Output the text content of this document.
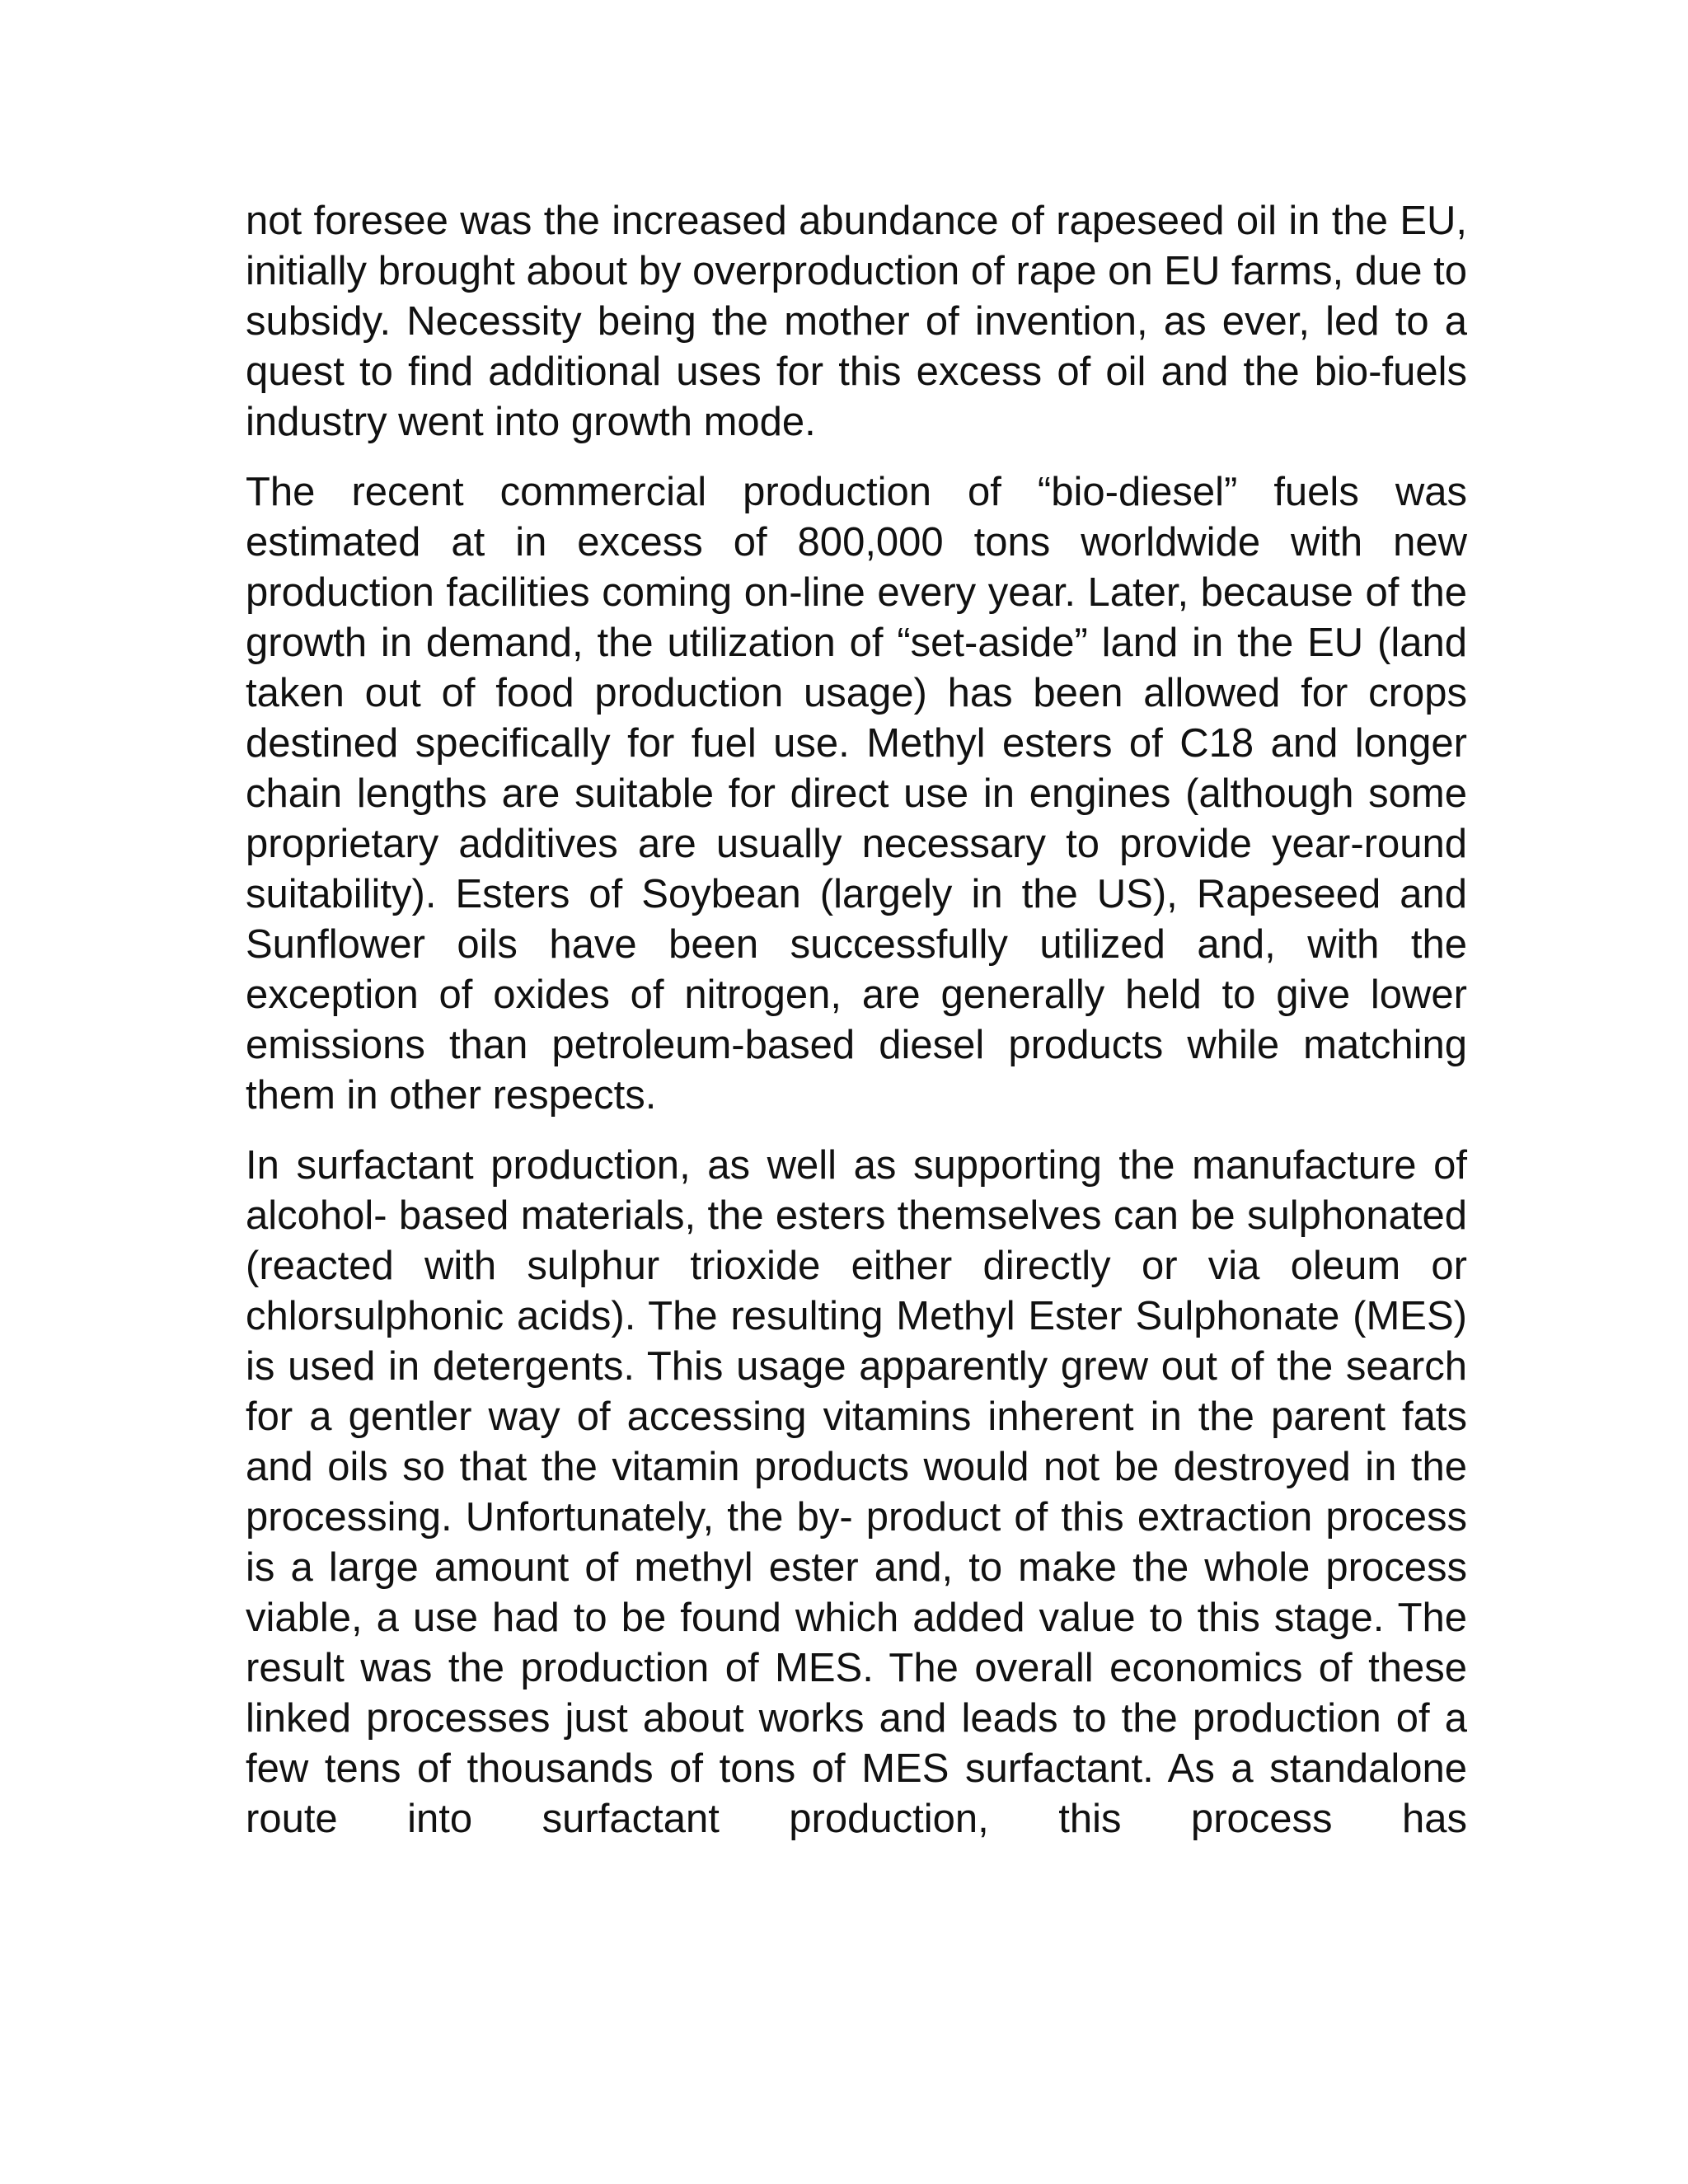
not foresee was the increased abundance of rapeseed oil in the EU, initially brought about by overproduction of rape on EU farms, due to subsidy. Necessity being the mother of invention, as ever, led to a quest to find additional uses for this excess of oil and the bio-fuels industry went into growth mode.

The recent commercial production of “bio-diesel” fuels was estimated at in excess of 800,000 tons worldwide with new production facilities coming on-line every year. Later, because of the growth in demand, the utilization of “set-aside” land in the EU (land taken out of food production usage) has been allowed for crops destined specifically for fuel use. Methyl esters of C18 and longer chain lengths are suitable for direct use in engines (although some proprietary additives are usually necessary to provide year-round suitability). Esters of Soybean (largely in the US), Rapeseed and Sunflower oils have been successfully utilized and, with the exception of oxides of nitrogen, are generally held to give lower emissions than petroleum-based diesel products while matching them in other respects.

In surfactant production, as well as supporting the manufacture of alcohol- based materials, the esters themselves can be sulphonated (reacted with sulphur trioxide either directly or via oleum or chlorsulphonic acids). The resulting Methyl Ester Sulphonate (MES) is used in detergents. This usage apparently grew out of the search for a gentler way of accessing vitamins inherent in the parent fats and oils so that the vitamin products would not be destroyed in the processing. Unfortunately, the by- product of this extraction process is a large amount of methyl ester and, to make the whole process viable, a use had to be found which added value to this stage. The result was the production of MES. The overall economics of these linked processes just about works and leads to the production of a few tens of thousands of tons of MES surfactant. As a standalone route into surfactant production, this process has
